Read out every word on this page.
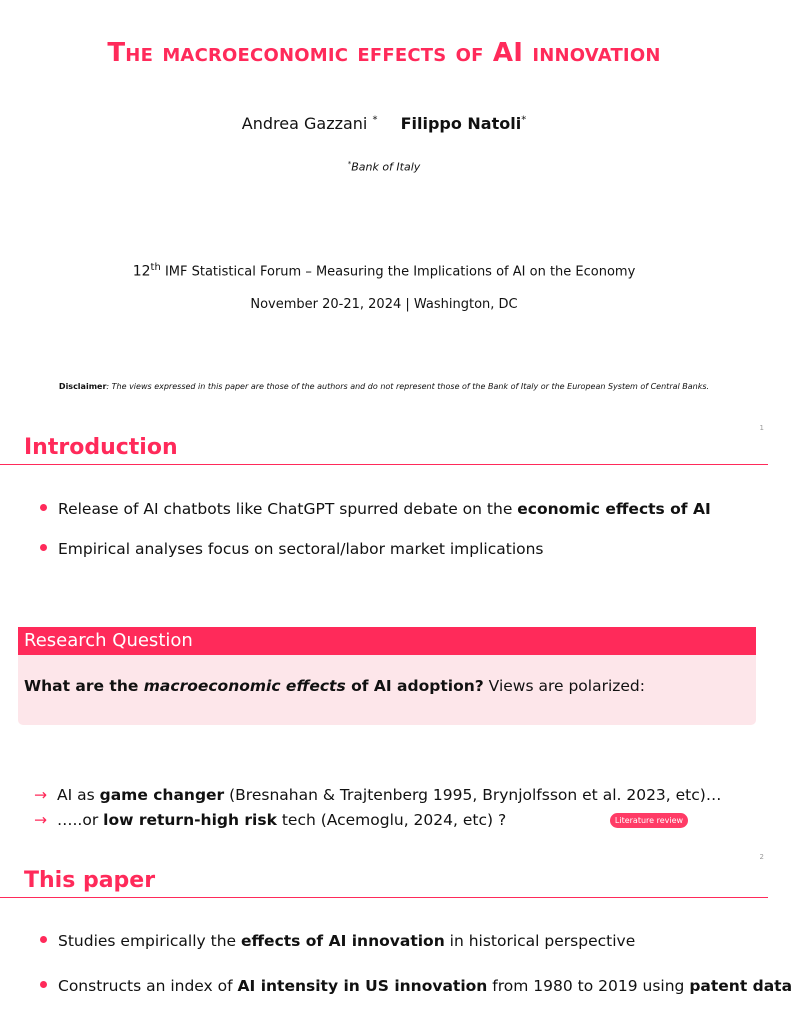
The macroeconomic effects of AI innovation
Andrea Gazzani * Filippo Natoli*
*Bank of Italy
12th IMF Statistical Forum – Measuring the Implications of AI on the Economy
November 20-21, 2024 | Washington, DC
Disclaimer: The views expressed in this paper are those of the authors and do not represent those of the Bank of Italy or the European System of Central Banks.
1
Introduction
Release of AI chatbots like ChatGPT spurred debate on the economic effects of AI
Empirical analyses focus on sectoral/labor market implications
Research Question
What are the macroeconomic effects of AI adoption? Views are polarized:
→ AI as game changer (Bresnahan & Trajtenberg 1995, Brynjolfsson et al. 2023, etc)…
→ …..or low return-high risk tech (Acemoglu, 2024, etc) ?	Literature review
2
This paper
Studies empirically the effects of AI innovation in historical perspective
Constructs an index of AI intensity in US innovation from 1980 to 2019 using patent data
